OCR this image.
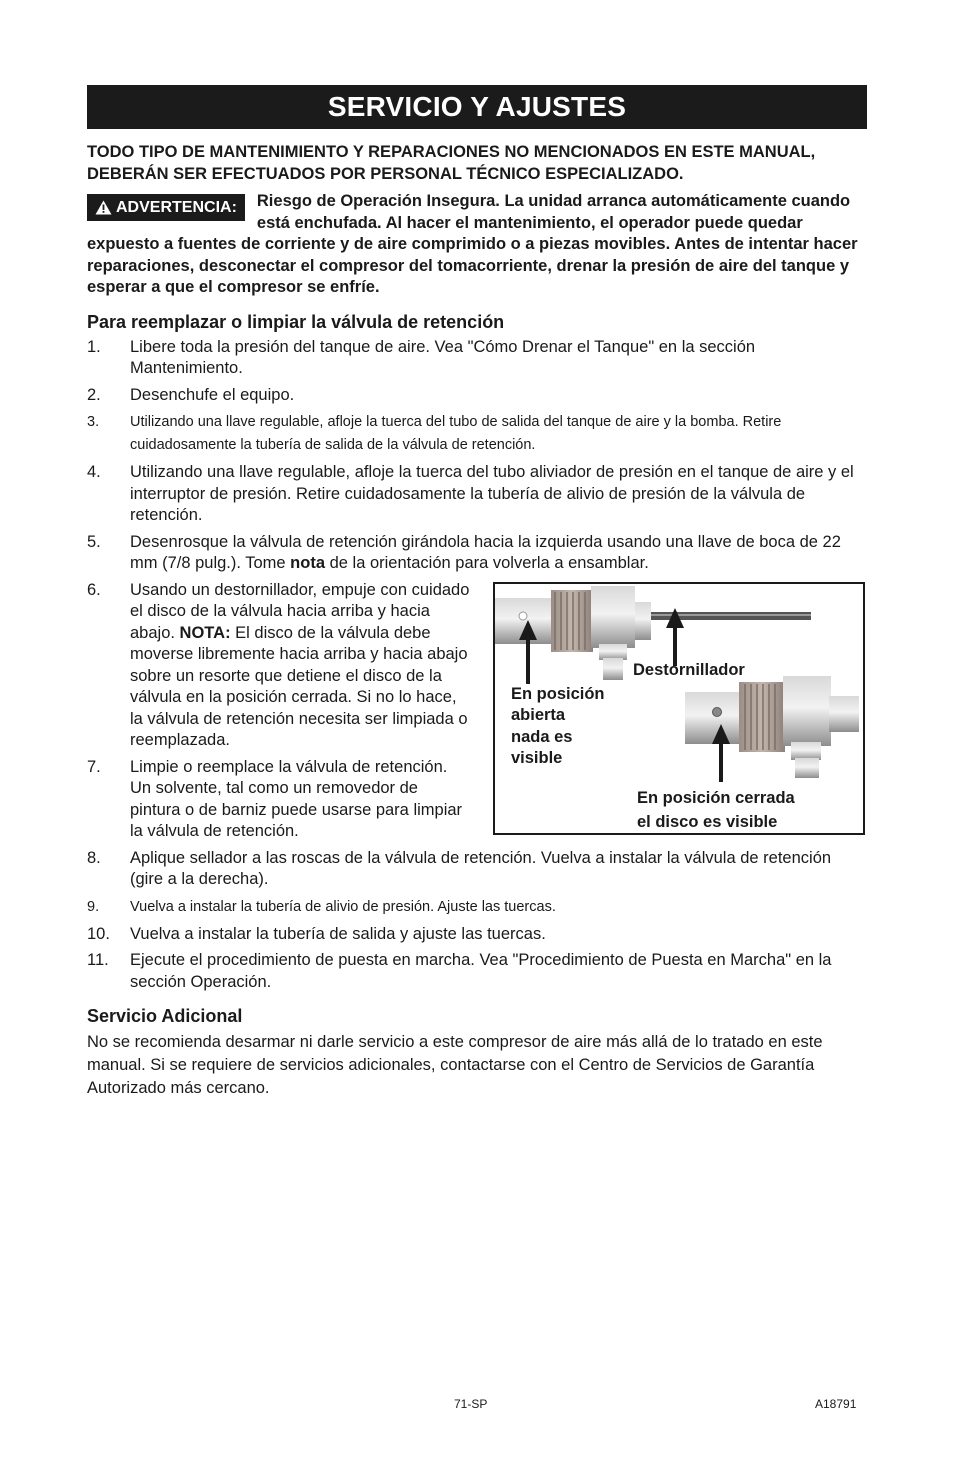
SERVICIO Y AJUSTES
TODO TIPO DE MANTENIMIENTO Y REPARACIONES NO MENCIONADOS EN ESTE MANUAL, DEBERÁN SER EFECTUADOS POR PERSONAL TÉCNICO ESPECIALIZADO.
ADVERTENCIA: Riesgo de Operación Insegura. La unidad arranca automáticamente cuando está enchufada. Al hacer el mantenimiento, el operador puede quedar expuesto a fuentes de corriente y de aire comprimido o a piezas movibles. Antes de intentar hacer reparaciones, desconectar el compresor del tomacorriente, drenar la presión de aire del tanque y esperar a que el compresor se enfríe.
Para reemplazar o limpiar la válvula de retención
1. Libere toda la presión del tanque de aire. Vea "Cómo Drenar el Tanque" en la sección Mantenimiento.
2. Desenchufe el equipo.
3. Utilizando una llave regulable, afloje la tuerca del tubo de salida del tanque de aire y la bomba. Retire cuidadosamente la tubería de salida de la válvula de retención.
4. Utilizando una llave regulable, afloje la tuerca del tubo aliviador de presión en el tanque de aire y el interruptor de presión. Retire cuidadosamente la tubería de alivio de presión de la válvula de retención.
5. Desenrosque la válvula de retención girándola hacia la izquierda usando una llave de boca de 22 mm (7/8 pulg.). Tome nota de la orientación para volverla a ensamblar.
6. Usando un destornillador, empuje con cuidado el disco de la válvula hacia arriba y hacia abajo. NOTA: El disco de la válvula debe moverse libremente hacia arriba y hacia abajo sobre un resorte que detiene el disco de la válvula en la posición cerrada. Si no lo hace, la válvula de retención necesita ser limpiada o reemplazada.
7. Limpie o reemplace la válvula de retención. Un solvente, tal como un removedor de pintura o de barniz puede usarse para limpiar la válvula de retención.
Destornillador
En posición
abierta
nada es
visible
En posición cerrada
el disco es visible
8. Aplique sellador a las roscas de la válvula de retención. Vuelva a instalar la válvula de retención (gire a la derecha).
9. Vuelva a instalar la tubería de alivio de presión. Ajuste las tuercas.
10. Vuelva a instalar la tubería de salida y ajuste las tuercas.
11. Ejecute el procedimiento de puesta en marcha. Vea "Procedimiento de Puesta en Marcha" en la sección Operación.
Servicio Adicional

No se recomienda desarmar ni darle servicio a este compresor de aire más allá de lo tratado en este manual. Si se requiere de servicios adicionales, contactarse con el Centro de Servicios de Garantía Autorizado más cercano.

71-SP	A18791
